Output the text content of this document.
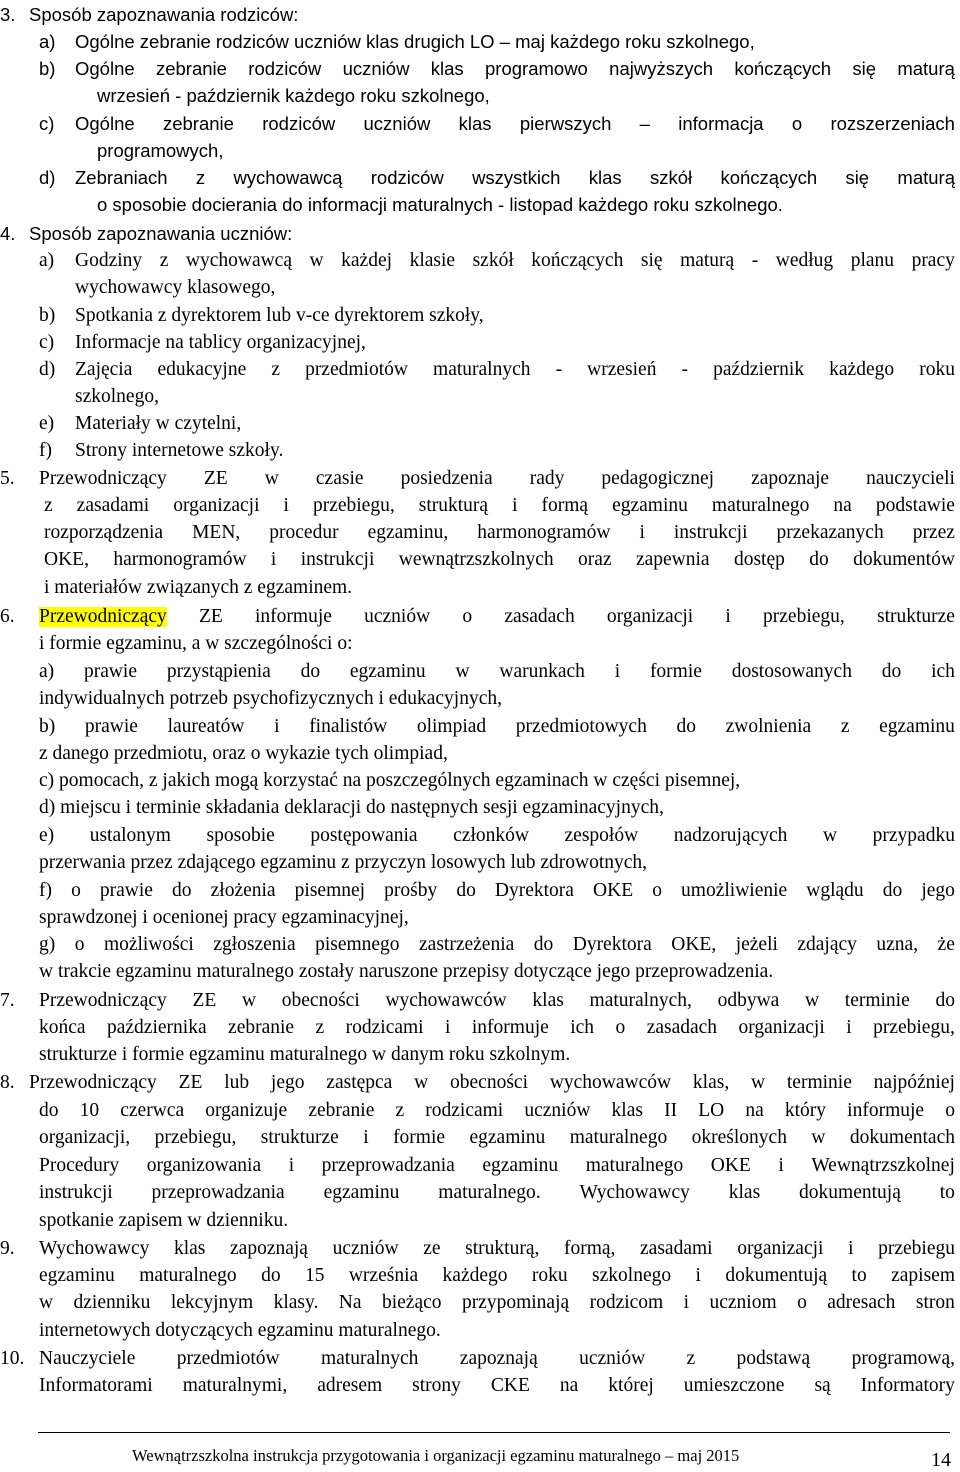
3. Sposób zapoznawania rodziców:
a) Ogólne zebranie rodziców uczniów klas drugich LO – maj każdego roku szkolnego,
b) Ogólne zebranie rodziców uczniów klas programowo najwyższych kończących się maturą
wrzesień - październik każdego roku szkolnego,
c) Ogólne zebranie rodziców uczniów klas pierwszych – informacja o rozszerzeniach
programowych,
d) Zebraniach z wychowawcą rodziców wszystkich klas szkół kończących się maturą
o sposobie docierania do informacji maturalnych - listopad każdego roku szkolnego.
4. Sposób zapoznawania uczniów:
a) Godziny z wychowawcą w każdej klasie szkół kończących się maturą - według planu pracy
wychowawcy klasowego,
b) Spotkania z dyrektorem lub v-ce dyrektorem szkoły,
c) Informacje na tablicy organizacyjnej,
d) Zajęcia edukacyjne z przedmiotów maturalnych - wrzesień - październik każdego roku
szkolnego,
e) Materiały w czytelni,
f) Strony internetowe szkoły.
5. Przewodniczący ZE w czasie posiedzenia rady pedagogicznej zapoznaje nauczycieli
z zasadami organizacji i przebiegu, strukturą i formą egzaminu maturalnego na podstawie
rozporządzenia MEN, procedur egzaminu, harmonogramów i instrukcji przekazanych przez
OKE, harmonogramów i instrukcji wewnątrzszkolnych oraz zapewnia dostęp do dokumentów
i materiałów związanych z egzaminem.
6. Przewodniczący ZE informuje uczniów o zasadach organizacji i przebiegu, strukturze
i formie egzaminu, a w szczególności o:
a) prawie przystąpienia do egzaminu w warunkach i formie dostosowanych do ich
indywidualnych potrzeb psychofizycznych i edukacyjnych,
b) prawie laureatów i finalistów olimpiad przedmiotowych do zwolnienia z egzaminu
z danego przedmiotu, oraz o wykazie tych olimpiad,
c) pomocach, z jakich mogą korzystać na poszczególnych egzaminach w części pisemnej,
d) miejscu i terminie składania deklaracji do następnych sesji egzaminacyjnych,
e) ustalonym sposobie postępowania członków zespołów nadzorujących w przypadku
przerwania przez zdającego egzaminu z przyczyn losowych lub zdrowotnych,
f) o prawie do złożenia pisemnej prośby do Dyrektora OKE o umożliwienie wglądu do jego
sprawdzonej i ocenionej pracy egzaminacyjnej,
g) o możliwości zgłoszenia pisemnego zastrzeżenia do Dyrektora OKE, jeżeli zdający uzna, że
w trakcie egzaminu maturalnego zostały naruszone przepisy dotyczące jego przeprowadzenia.
7. Przewodniczący ZE w obecności wychowawców klas maturalnych, odbywa w terminie do
końca października zebranie z rodzicami i informuje ich o zasadach organizacji i przebiegu,
strukturze i formie egzaminu maturalnego w danym roku szkolnym.
8. Przewodniczący ZE lub jego zastępca w obecności wychowawców klas, w terminie najpóźniej
do 10 czerwca organizuje zebranie z rodzicami uczniów klas II LO na który informuje o
organizacji, przebiegu, strukturze i formie egzaminu maturalnego określonych w dokumentach
Procedury organizowania i przeprowadzania egzaminu maturalnego OKE i Wewnątrzszkolnej
instrukcji przeprowadzania egzaminu maturalnego. Wychowawcy klas dokumentują to
spotkanie zapisem w dzienniku.
9. Wychowawcy klas zapoznają uczniów ze strukturą, formą, zasadami organizacji i przebiegu
egzaminu maturalnego do 15 września każdego roku szkolnego i dokumentują to zapisem
w dzienniku lekcyjnym klasy. Na bieżąco przypominają rodzicom i uczniom o adresach stron
internetowych dotyczących egzaminu maturalnego.
10. Nauczyciele przedmiotów maturalnych zapoznają uczniów z podstawą programową,
Informatorami maturalnymi, adresem strony CKE na której umieszczone są Informatory
Wewnątrzszkolna instrukcja przygotowania i organizacji egzaminu maturalnego – maj 2015	14
